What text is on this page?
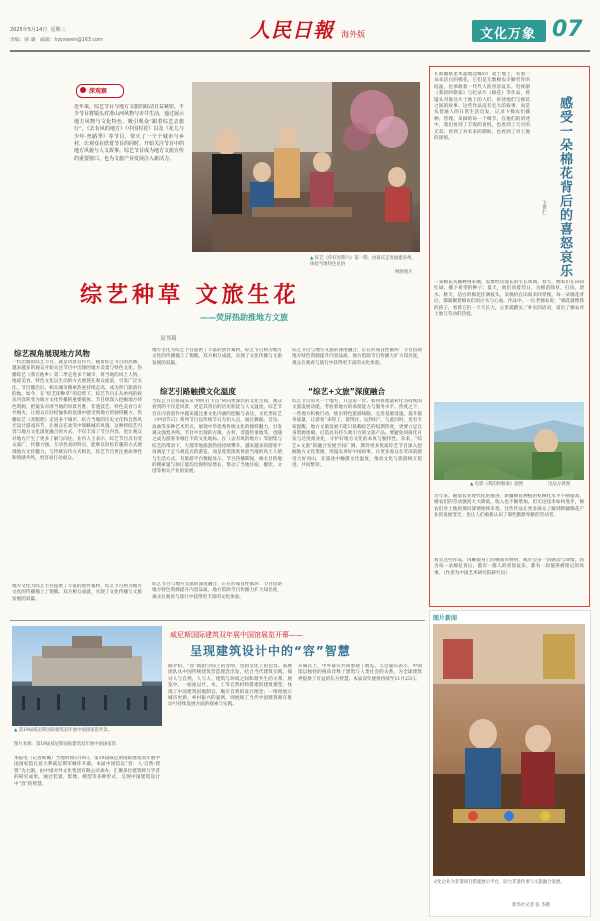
2025年5月14日 星期三
责编：韩 璐 邮箱：hzyxiwen@163.com	人民日報 海外版	文化万象 07
深观察
近年来，综艺节目与地方文旅的联动日益紧密。不少节目将镜头对准山河风物与市井生活，通过展示地方风物与文化特色，吸引观众“跟着综艺去旅行”。《去有风的地方》《中国村花》以及《花儿与少年·丝路季》等节目，带火了一个个城市与乡村，让观众在欣赏节目的同时，开始关注节目中的地方风貌与人文故事。综艺节目成为地方文旅宣传的重要窗口，也为文旅产业发展注入新活力。
▲ 综艺《你好星期六》第一期，由嘉宾走进福建泉州，体验当地特色民俗
网络图片
综艺种草 文旅生花
——荧屏热助推地方文旅
吴书琦
综艺视角展现地方风物
一档出圈的综艺节目，就是风景宣传片。随着综艺节目的热播，越来越多的观众开始关注节目中出现的地方美景与特色文化。热播综艺《我在他乡》第二季走进多个城市，将当地的风土人情、地道美食、特色文化以生动的方式展现在观众面前，引发广泛关注。节目播出后，相关城市搜索热度持续走高，成为热门旅游目的地。如今，在“综艺即种草”的趋势下，综艺节目正从单纯的娱乐内容转变为地方文化传播的重要载体。节目组深入挖掘地方特色资源，把镜头对准当地的风景名胜、非遗技艺、特色美食与市井烟火，让观众在轻松愉快的氛围中感受到地方的独特魅力。热播综艺《奔跑吧》走进多个城市，结合当地的历史文化和自然风光设计游戏环节，让观众在欢笑中领略城市风貌。这种将综艺内容与地方文化深度融合的方式，不仅丰富了节目内容，也让观众对地方产生了更多了解与向往。业内人士表示，综艺节目具有受众面广、传播力强、互动性高的特点，能够以轻松有趣的方式展现地方文化魅力。与传统宣传方式相比，综艺节目更注重故事性和情感共鸣，更容易打动观众。
地方文化为综艺节目提供了丰富的创作素材，综艺节目则为地方文化的传播插上了翅膀。双方相互成就，实现了文化传播与文旅发展的双赢。
地方文化为综艺节目提供了丰富的创作素材，综艺节目则为地方文化的传播插上了翅膀。双方相互成就，实现了文化传播与文旅发展的双赢。
综艺引路触摸文化温度
当综艺节目将镜头从“网红打卡点”转向更深层的文化空间，观众看到的不仅是风景，更是其背后的历史积淀与人文温度。综艺节目在内容创作中越来越注重文化内涵的挖掘与表达。文化类综艺《中国节日》系列节目以传统节日为切入点，通过舞蹈、音乐、戏曲等多种艺术形式，展现中华优秀传统文化的独特魅力，引发观众强烈共鸣。节目中出现的古镇、古村、非遗传承地等，也随之成为游客争相打卡的文化地标。在《去有风的地方》等剧集与综艺的带动下，大理等地旅游热度持续攀升。越来越多的游客不再满足于走马观花式的游览，而是希望深度体验当地的风土人情与生活方式。有旅游平台数据显示，节目热播期间，相关目的地的搜索量与预订量均出现明显增长，带动了当地住宿、餐饮、文创等相关产业的发展。
综艺节目与地方文旅的深度融合，正在形成良性循环：节目借助地方特色资源提升内容品质，地方借助节目传播力扩大知名度，观众在观看与旅行中获得更丰富的文化体验。
综艺节目与地方文旅的深度融合，正在形成良性循环：节目借助地方特色资源提升内容品质，地方借助节目传播力扩大知名度，观众在观看与旅行中获得更丰富的文化体验。
“综艺+文旅”深度融合
综艺节目带火一个地方，只是第一步。如何将流量转化为持续的文旅发展动能，考验着地方的承接能力与服务水平。热度之下，一些地方积极行动，推出特色旅游线路，完善基础设施，提升服务质量，让游客“来得了、留得住、玩得好”。与此同时，也有专家提醒，地方文旅发展不能只依赖综艺的短期热度，更要立足自身资源禀赋，打造具有持久吸引力的文旅产品。要避免同质化开发与过度商业化，守护好地方文化的本真与独特性。未来，“综艺+文旅”的融合发展空间广阔。期待更多优质综艺节目深入挖掘地方文化资源，用镜头讲好中国故事，让更多观众在荧屏前感受大好河山，在旅途中触摸文化温度，推动文化与旅游相互促进、共同繁荣。
在新疆塔里木盆地边缘的广袤土地上，有着一朵朵洁白的棉花。它们是无数棉农辛勤劳作的结晶，也承载着一代代人的喜怒哀乐。电视剧《我的阿勒泰》与纪录片《棉花》等作品，将镜头对准这片土地上的人们，讲述他们与棉花之间的故事。这些作品没有宏大的叙事，而是从普通人的日常生活出发，记录下棉农们播种、管理、采摘的每一个细节。在他们的讲述中，我们看到了丰收的喜悦，也看到了天灾的无奈；看到了对未来的期盼，也看到了对土地的深情。	感受一朵棉花背后的喜怒哀乐
王世仁
一朵棉花从播种到采摘，需要经历漫长的生长周期。春天，棉农们在田间忙碌，播下希望的种子；夏天，他们顶着烈日，为棉苗除草、打顶、浇水；秋天，洁白的棉花挂满枝头，采棉机在田间来回穿梭。每一朵棉花背后，都凝聚着棉农们的汗水与心血。作品中，一位老棉农说：“棉花就像我的孩子，看着它们一天天长大，心里就踏实。”朴实的话语，道出了棉农对土地与劳动的热爱。
▲ 电影《我的阿勒泰》剧照	出品方供图
近年来，随着农业现代化的推进，新疆棉花种植的机械化水平不断提高，棉农们的劳动强度大大降低，收入也不断增加。但无论技术如何进步，棉农们对土地的那份深情始终未变。这些作品让更多观众了解到新疆棉花产业的发展变迁，也让人们重新认识了那些默默奉献的劳动者。
看完这些作品，再触摸身上的棉质衣物时，或许会多一份感动与珍惜。因为每一朵棉花背后，都有一群人的喜怒哀乐，都有一段值得被铭记的故事。（作者为中国艺术研究院研究员）
▲ 第19届威尼斯国际建筑双年展中国国家馆外景。
图片来源：第19届威尼斯国际建筑双年展中国国家馆
威尼斯国际建筑双年展中国馆展览开幕——
呈现建筑设计中的“容”智慧
本报电（记者韩璐）当地时间5月9日，第19届威尼斯国际建筑双年展中国国家馆在意大利威尼斯军械库开幕。本届中国馆以“容：人·自然·建筑”为主题，由中国对外文化集团有限公司承办，汇聚多位建筑师与学者的研究成果，通过装置、影像、模型等多种形式，呈现中国建筑设计中“容”的智慧。
据介绍，“容”既指空间上的容纳，也指文化上的包容。策展团队从中国传统建筑营造理念出发，结合当代建筑实践，探讨人与自然、人与人、建筑与环境之间和谐共生的关系。展览中，一座座以竹、木、土等自然材料搭建的建筑模型，体现了中国建筑因地制宜、顺应自然的设计理念；一组组展示城市更新、乡村振兴的案例，则展现了当代中国建筑师在推动可持续发展方面的探索与实践。
开幕式上，中外嘉宾共同参观了展览。与会嘉宾表示，中国馆以独特的视角诠释了建筑与人类社会的关系，为全球建筑界提供了有益的东方智慧。本届双年展将持续至11月23日。
图片新闻
文化企业为非遗项目搭建展示平台，助力非遗传承与文旅融合发展。
新华社记者 张 杰摄
